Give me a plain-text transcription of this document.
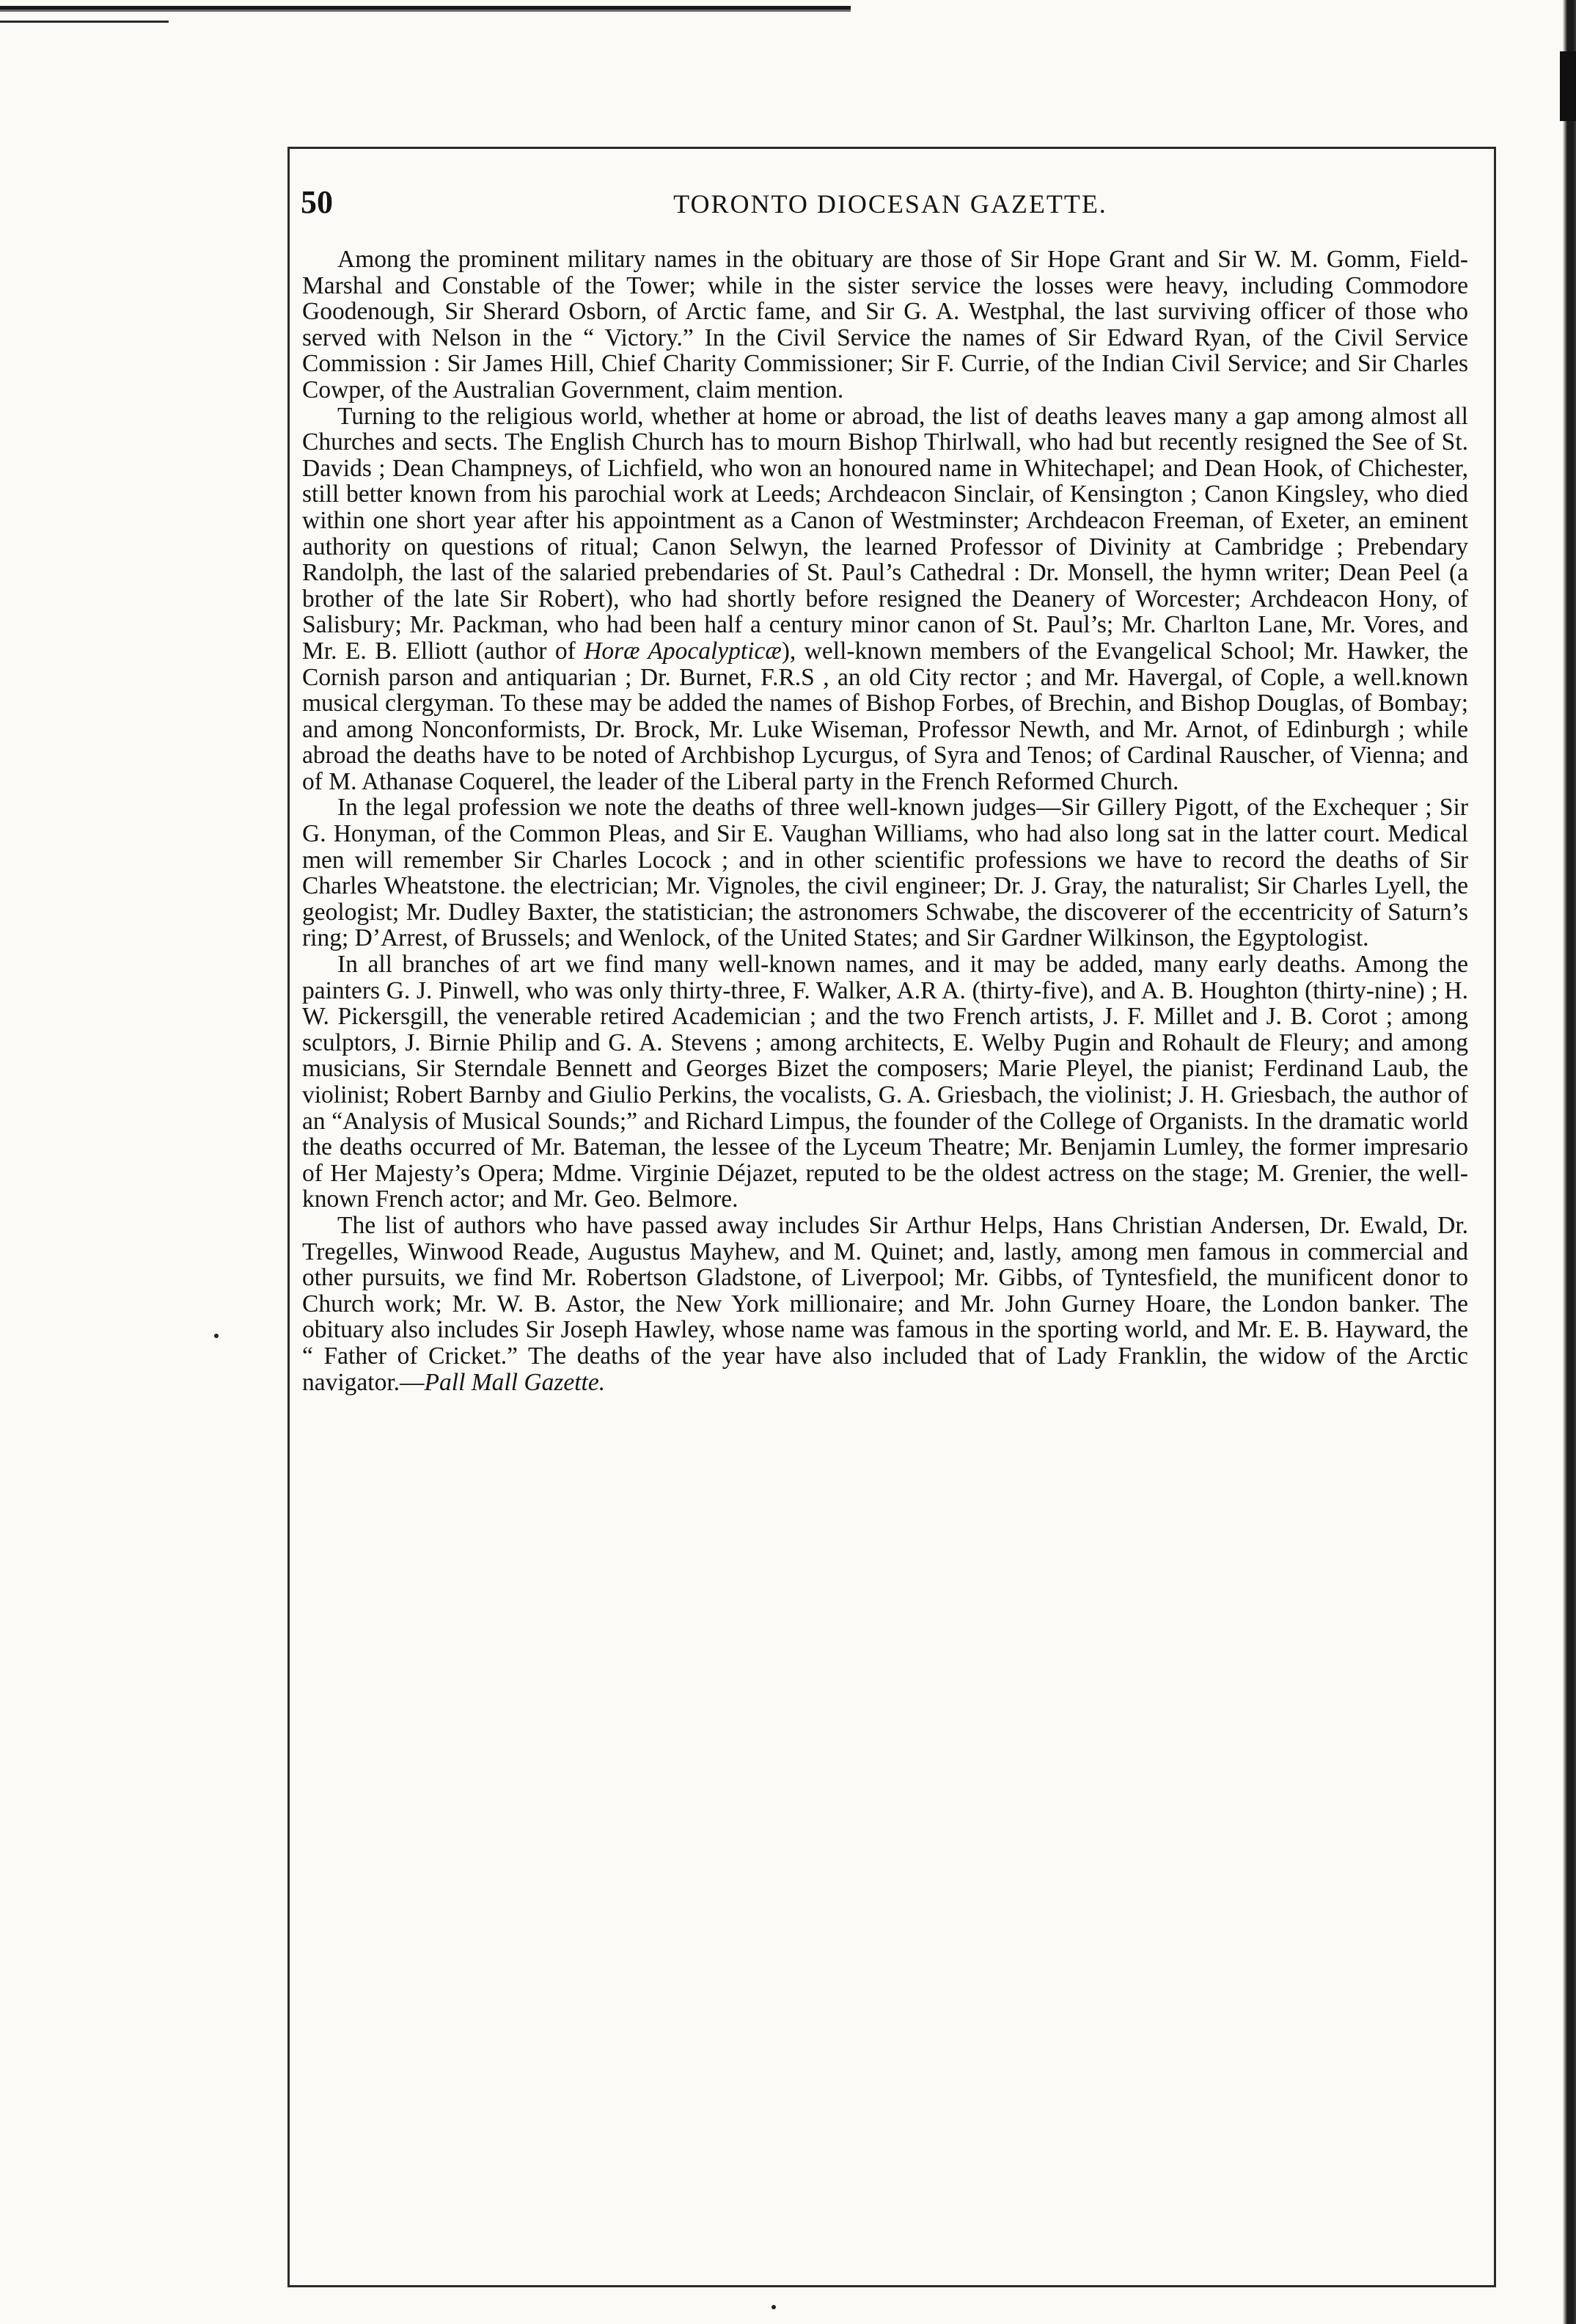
50	TORONTO DIOCESAN GAZETTE.

Among the prominent military names in the obituary are those of Sir Hope Grant and Sir W. M. Gomm, Field-Marshal and Constable of the Tower; while in the sister service the losses were heavy, including Commodore Goodenough, Sir Sherard Osborn, of Arctic fame, and Sir G. A. Westphal, the last surviving officer of those who served with Nelson in the “ Victory.” In the Civil Service the names of Sir Edward Ryan, of the Civil Service Commission : Sir James Hill, Chief Charity Commissioner; Sir F. Currie, of the Indian Civil Service; and Sir Charles Cowper, of the Australian Government, claim mention.

Turning to the religious world, whether at home or abroad, the list of deaths leaves many a gap among almost all Churches and sects. The English Church has to mourn Bishop Thirlwall, who had but recently resigned the See of St. Davids ; Dean Champneys, of Lichfield, who won an honoured name in Whitechapel; and Dean Hook, of Chichester, still better known from his parochial work at Leeds; Archdeacon Sinclair, of Kensington ; Canon Kingsley, who died within one short year after his appointment as a Canon of Westminster; Archdeacon Freeman, of Exeter, an eminent authority on questions of ritual; Canon Selwyn, the learned Professor of Divinity at Cambridge ; Prebendary Randolph, the last of the salaried prebendaries of St. Paul’s Cathedral : Dr. Monsell, the hymn writer; Dean Peel (a brother of the late Sir Robert), who had shortly before resigned the Deanery of Worcester; Archdeacon Hony, of Salisbury; Mr. Packman, who had been half a century minor canon of St. Paul’s; Mr. Charlton Lane, Mr. Vores, and Mr. E. B. Elliott (author of Horæ Apocalypticæ), well-known members of the Evangelical School; Mr. Hawker, the Cornish parson and antiquarian ; Dr. Burnet, F.R.S , an old City rector ; and Mr. Havergal, of Cople, a well.known musical clergyman. To these may be added the names of Bishop Forbes, of Brechin, and Bishop Douglas, of Bombay; and among Nonconformists, Dr. Brock, Mr. Luke Wiseman, Professor Newth, and Mr. Arnot, of Edinburgh ; while abroad the deaths have to be noted of Archbishop Lycurgus, of Syra and Tenos; of Cardinal Rauscher, of Vienna; and of M. Athanase Coquerel, the leader of the Liberal party in the French Reformed Church.

In the legal profession we note the deaths of three well-known judges—Sir Gillery Pigott, of the Exchequer ; Sir G. Honyman, of the Common Pleas, and Sir E. Vaughan Williams, who had also long sat in the latter court. Medical men will remember Sir Charles Locock ; and in other scientific professions we have to record the deaths of Sir Charles Wheatstone. the electrician; Mr. Vignoles, the civil engineer; Dr. J. Gray, the naturalist; Sir Charles Lyell, the geologist; Mr. Dudley Baxter, the statistician; the astronomers Schwabe, the discoverer of the eccentricity of Saturn’s ring; D’Arrest, of Brussels; and Wenlock, of the United States; and Sir Gardner Wilkinson, the Egyptologist.

In all branches of art we find many well-known names, and it may be added, many early deaths. Among the painters G. J. Pinwell, who was only thirty-three, F. Walker, A.R A. (thirty-five), and A. B. Houghton (thirty-nine) ; H. W. Pickersgill, the venerable retired Academician ; and the two French artists, J. F. Millet and J. B. Corot ; among sculptors, J. Birnie Philip and G. A. Stevens ; among architects, E. Welby Pugin and Rohault de Fleury; and among musicians, Sir Sterndale Bennett and Georges Bizet the composers; Marie Pleyel, the pianist; Ferdinand Laub, the violinist; Robert Barnby and Giulio Perkins, the vocalists, G. A. Griesbach, the violinist; J. H. Griesbach, the author of an “Analysis of Musical Sounds;” and Richard Limpus, the founder of the College of Organists. In the dramatic world the deaths occurred of Mr. Bateman, the lessee of the Lyceum Theatre; Mr. Benjamin Lumley, the former impresario of Her Majesty’s Opera; Mdme. Virginie Déjazet, reputed to be the oldest actress on the stage; M. Grenier, the well-known French actor; and Mr. Geo. Belmore.

The list of authors who have passed away includes Sir Arthur Helps, Hans Christian Andersen, Dr. Ewald, Dr. Tregelles, Winwood Reade, Augustus Mayhew, and M. Quinet; and, lastly, among men famous in commercial and other pursuits, we find Mr. Robertson Gladstone, of Liverpool; Mr. Gibbs, of Tyntesfield, the munificent donor to Church work; Mr. W. B. Astor, the New York millionaire; and Mr. John Gurney Hoare, the London banker. The obituary also includes Sir Joseph Hawley, whose name was famous in the sporting world, and Mr. E. B. Hayward, the “ Father of Cricket.” The deaths of the year have also included that of Lady Franklin, the widow of the Arctic navigator.—Pall Mall Gazette.
